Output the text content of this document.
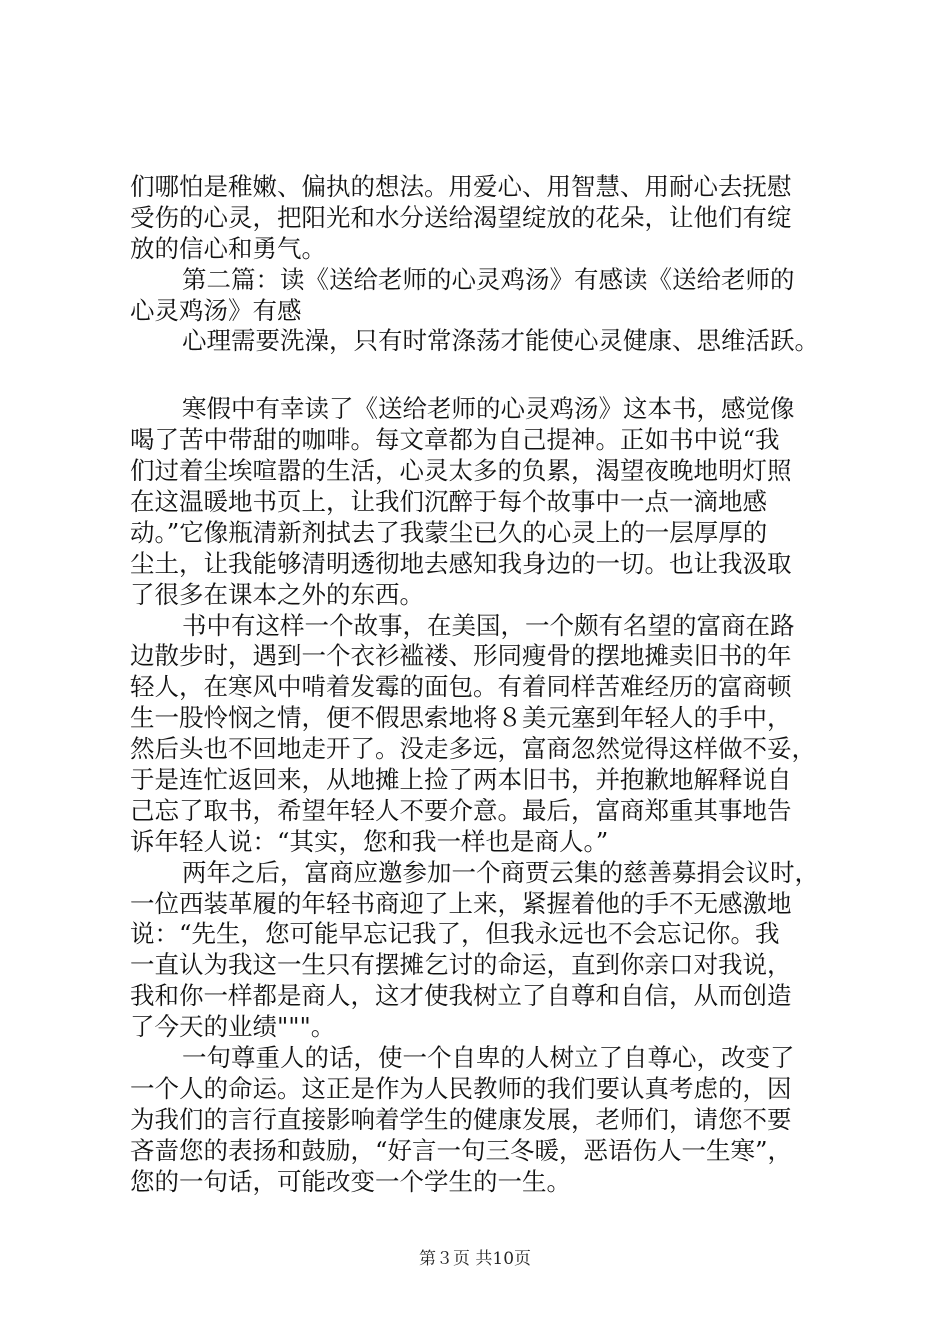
们哪怕是稚嫩、偏执的想法。用爱心、用智慧、用耐心去抚慰
受伤的心灵，把阳光和水分送给渴望绽放的花朵，让他们有绽
放的信心和勇气。
第二篇：读《送给老师的心灵鸡汤》有感读《送给老师的
心灵鸡汤》有感
心理需要洗澡，只有时常涤荡才能使心灵健康、思维活跃。
寒假中有幸读了《送给老师的心灵鸡汤》这本书，感觉像
喝了苦中带甜的咖啡。每文章都为自己提神。正如书中说“我
们过着尘埃喧嚣的生活，心灵太多的负累，渴望夜晚地明灯照
在这温暖地书页上，让我们沉醉于每个故事中一点一滴地感
动。”它像瓶清新剂拭去了我蒙尘已久的心灵上的一层厚厚的
尘土，让我能够清明透彻地去感知我身边的一切。也让我汲取
了很多在课本之外的东西。
书中有这样一个故事，在美国，一个颇有名望的富商在路
边散步时，遇到一个衣衫褴褛、形同瘦骨的摆地摊卖旧书的年
轻人，在寒风中啃着发霉的面包。有着同样苦难经历的富商顿
生一股怜悯之情，便不假思索地将８美元塞到年轻人的手中，
然后头也不回地走开了。没走多远，富商忽然觉得这样做不妥，
于是连忙返回来，从地摊上捡了两本旧书，并抱歉地解释说自
己忘了取书，希望年轻人不要介意。最后，富商郑重其事地告
诉年轻人说：“其实，您和我一样也是商人。”
两年之后，富商应邀参加一个商贾云集的慈善募捐会议时，
一位西装革履的年轻书商迎了上来，紧握着他的手不无感激地
说：“先生，您可能早忘记我了，但我永远也不会忘记你。我
一直认为我这一生只有摆摊乞讨的命运，直到你亲口对我说，
我和你一样都是商人，这才使我树立了自尊和自信，从而创造
了今天的业绩"""。
一句尊重人的话，使一个自卑的人树立了自尊心，改变了
一个人的命运。这正是作为人民教师的我们要认真考虑的，因
为我们的言行直接影响着学生的健康发展，老师们，请您不要
吝啬您的表扬和鼓励，“好言一句三冬暖，恶语伤人一生寒”，
您的一句话，可能改变一个学生的一生。
第３页 共10页
